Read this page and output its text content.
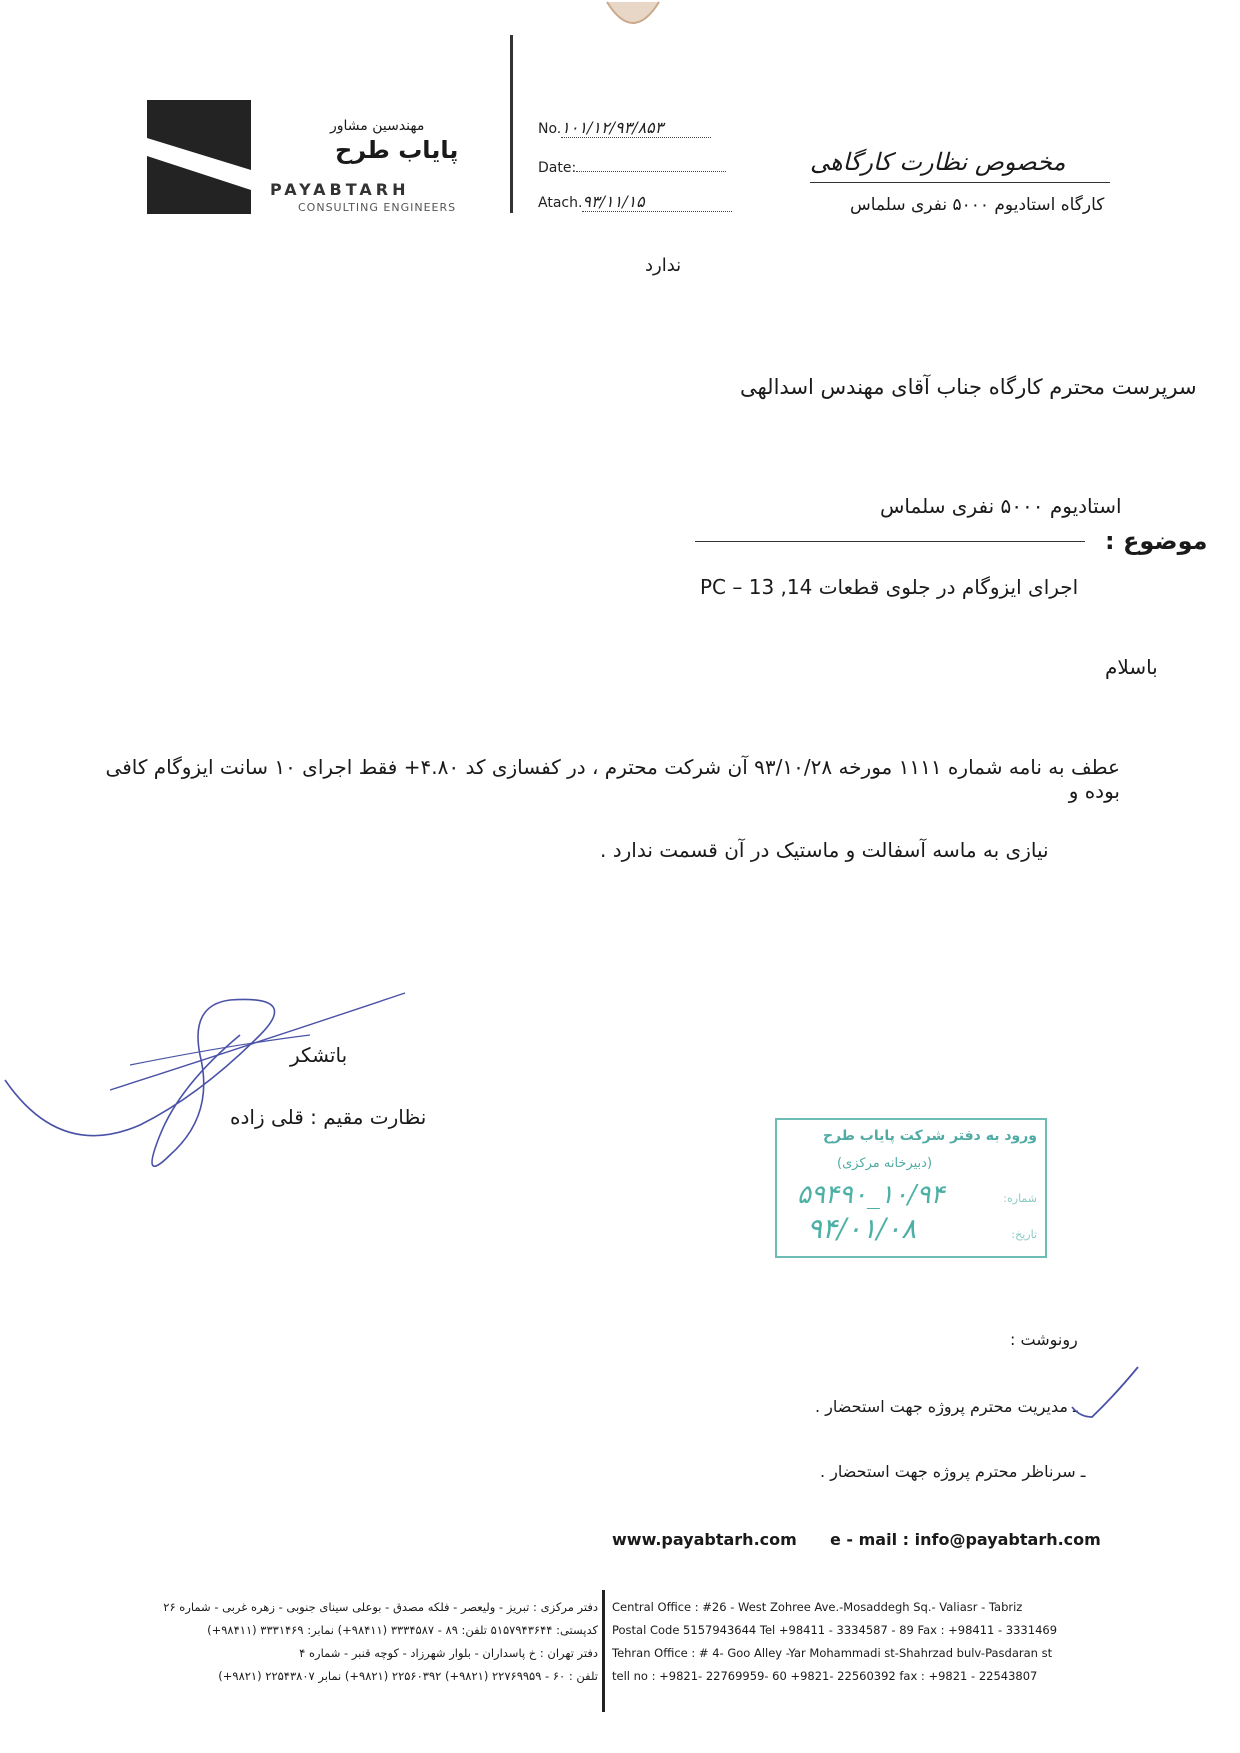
مهندسین مشاور
پایاب طرح
PAYABTARH
CONSULTING ENGINEERS
No.۱۰۱/۱۲/۹۳/۸۵۳
Date:
Atach.۹۳/۱۱/۱۵
مخصوص نظارت کارگاهی
کارگاه استادیوم ۵۰۰۰ نفری سلماس
ندارد
سرپرست محترم کارگاه جناب آقای مهندس اسدالهی
استادیوم ۵۰۰۰ نفری سلماس
موضوع :
اجرای ایزوگام در جلوی قطعات PC – 13 ,14
باسلام
عطف به نامه شماره ۱۱۱۱ مورخه ۹۳/۱۰/۲۸ آن شرکت محترم ، در کفسازی کد ۴.۸۰+ فقط اجرای ۱۰ سانت ایزوگام کافی بوده و
نیازی به ماسه آسفالت و ماستیک در آن قسمت ندارد .
باتشکر
نظارت مقیم : قلی زاده
ورود به دفتر شرکت پایاب طرح
(دبیرخانه مرکزی)
شماره:
تاریخ:
۱۰/۹۴_۵۹۴۹۰
۹۴/۰۱/۰۸
رونوشت :
ـ مدیریت محترم پروژه جهت استحضار .
ـ سرناظر محترم پروژه جهت استحضار .
www.payabtarh.com e - mail : info@payabtarh.com
دفتر مرکزی : تبریز - ولیعصر - فلکه مصدق - بوعلی سینای جنوبی - زهره غربی - شماره ۲۶
کدپستی: ۵۱۵۷۹۴۳۶۴۴ تلفن: ۸۹ - ۳۳۳۴۵۸۷ (۹۸۴۱۱+) نمابر: ۳۳۳۱۴۶۹ (۹۸۴۱۱+)
دفتر تهران : خ پاسداران - بلوار شهرزاد - کوچه قنبر - شماره ۴
تلفن : ۶۰ - ۲۲۷۶۹۹۵۹ (۹۸۲۱+) ۲۲۵۶۰۳۹۲ (۹۸۲۱+) نمابر ۲۲۵۴۳۸۰۷ (۹۸۲۱+)
Central Office : #26 - West Zohree Ave.-Mosaddegh Sq.- Valiasr - Tabriz
Postal Code 5157943644 Tel +98411 - 3334587 - 89 Fax : +98411 - 3331469
Tehran Office : # 4- Goo Alley -Yar Mohammadi st-Shahrzad bulv-Pasdaran st
tell no : +9821- 22769959- 60 +9821- 22560392 fax : +9821 - 22543807
